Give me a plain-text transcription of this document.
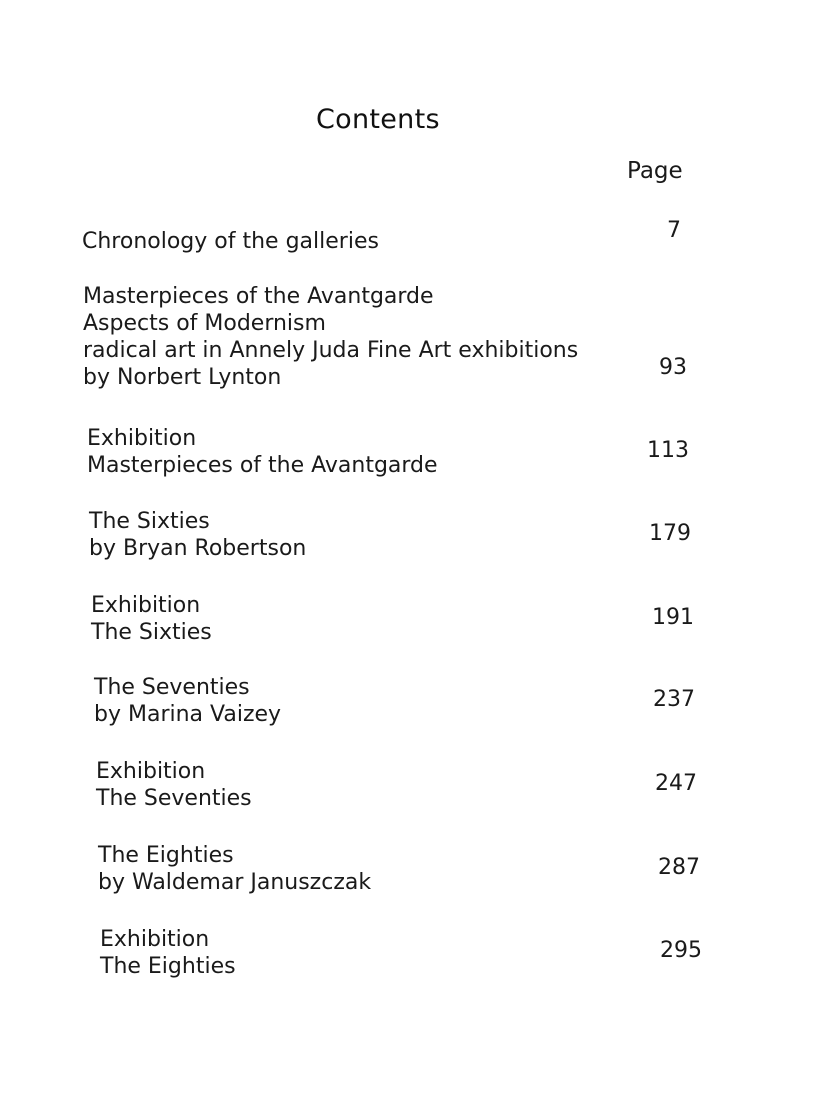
Contents
Page
Chronology of the galleries	7
Masterpieces of the Avantgarde
Aspects of Modernism
radical art in Annely Juda Fine Art exhibitions
by Norbert Lynton	93
Exhibition
Masterpieces of the Avantgarde
113
The Sixties
by Bryan Robertson
179
Exhibition
The Sixties
191
The Seventies
by Marina Vaizey
237
Exhibition
The Seventies
247
The Eighties
by Waldemar Januszczak
287
Exhibition
The Eighties
295
